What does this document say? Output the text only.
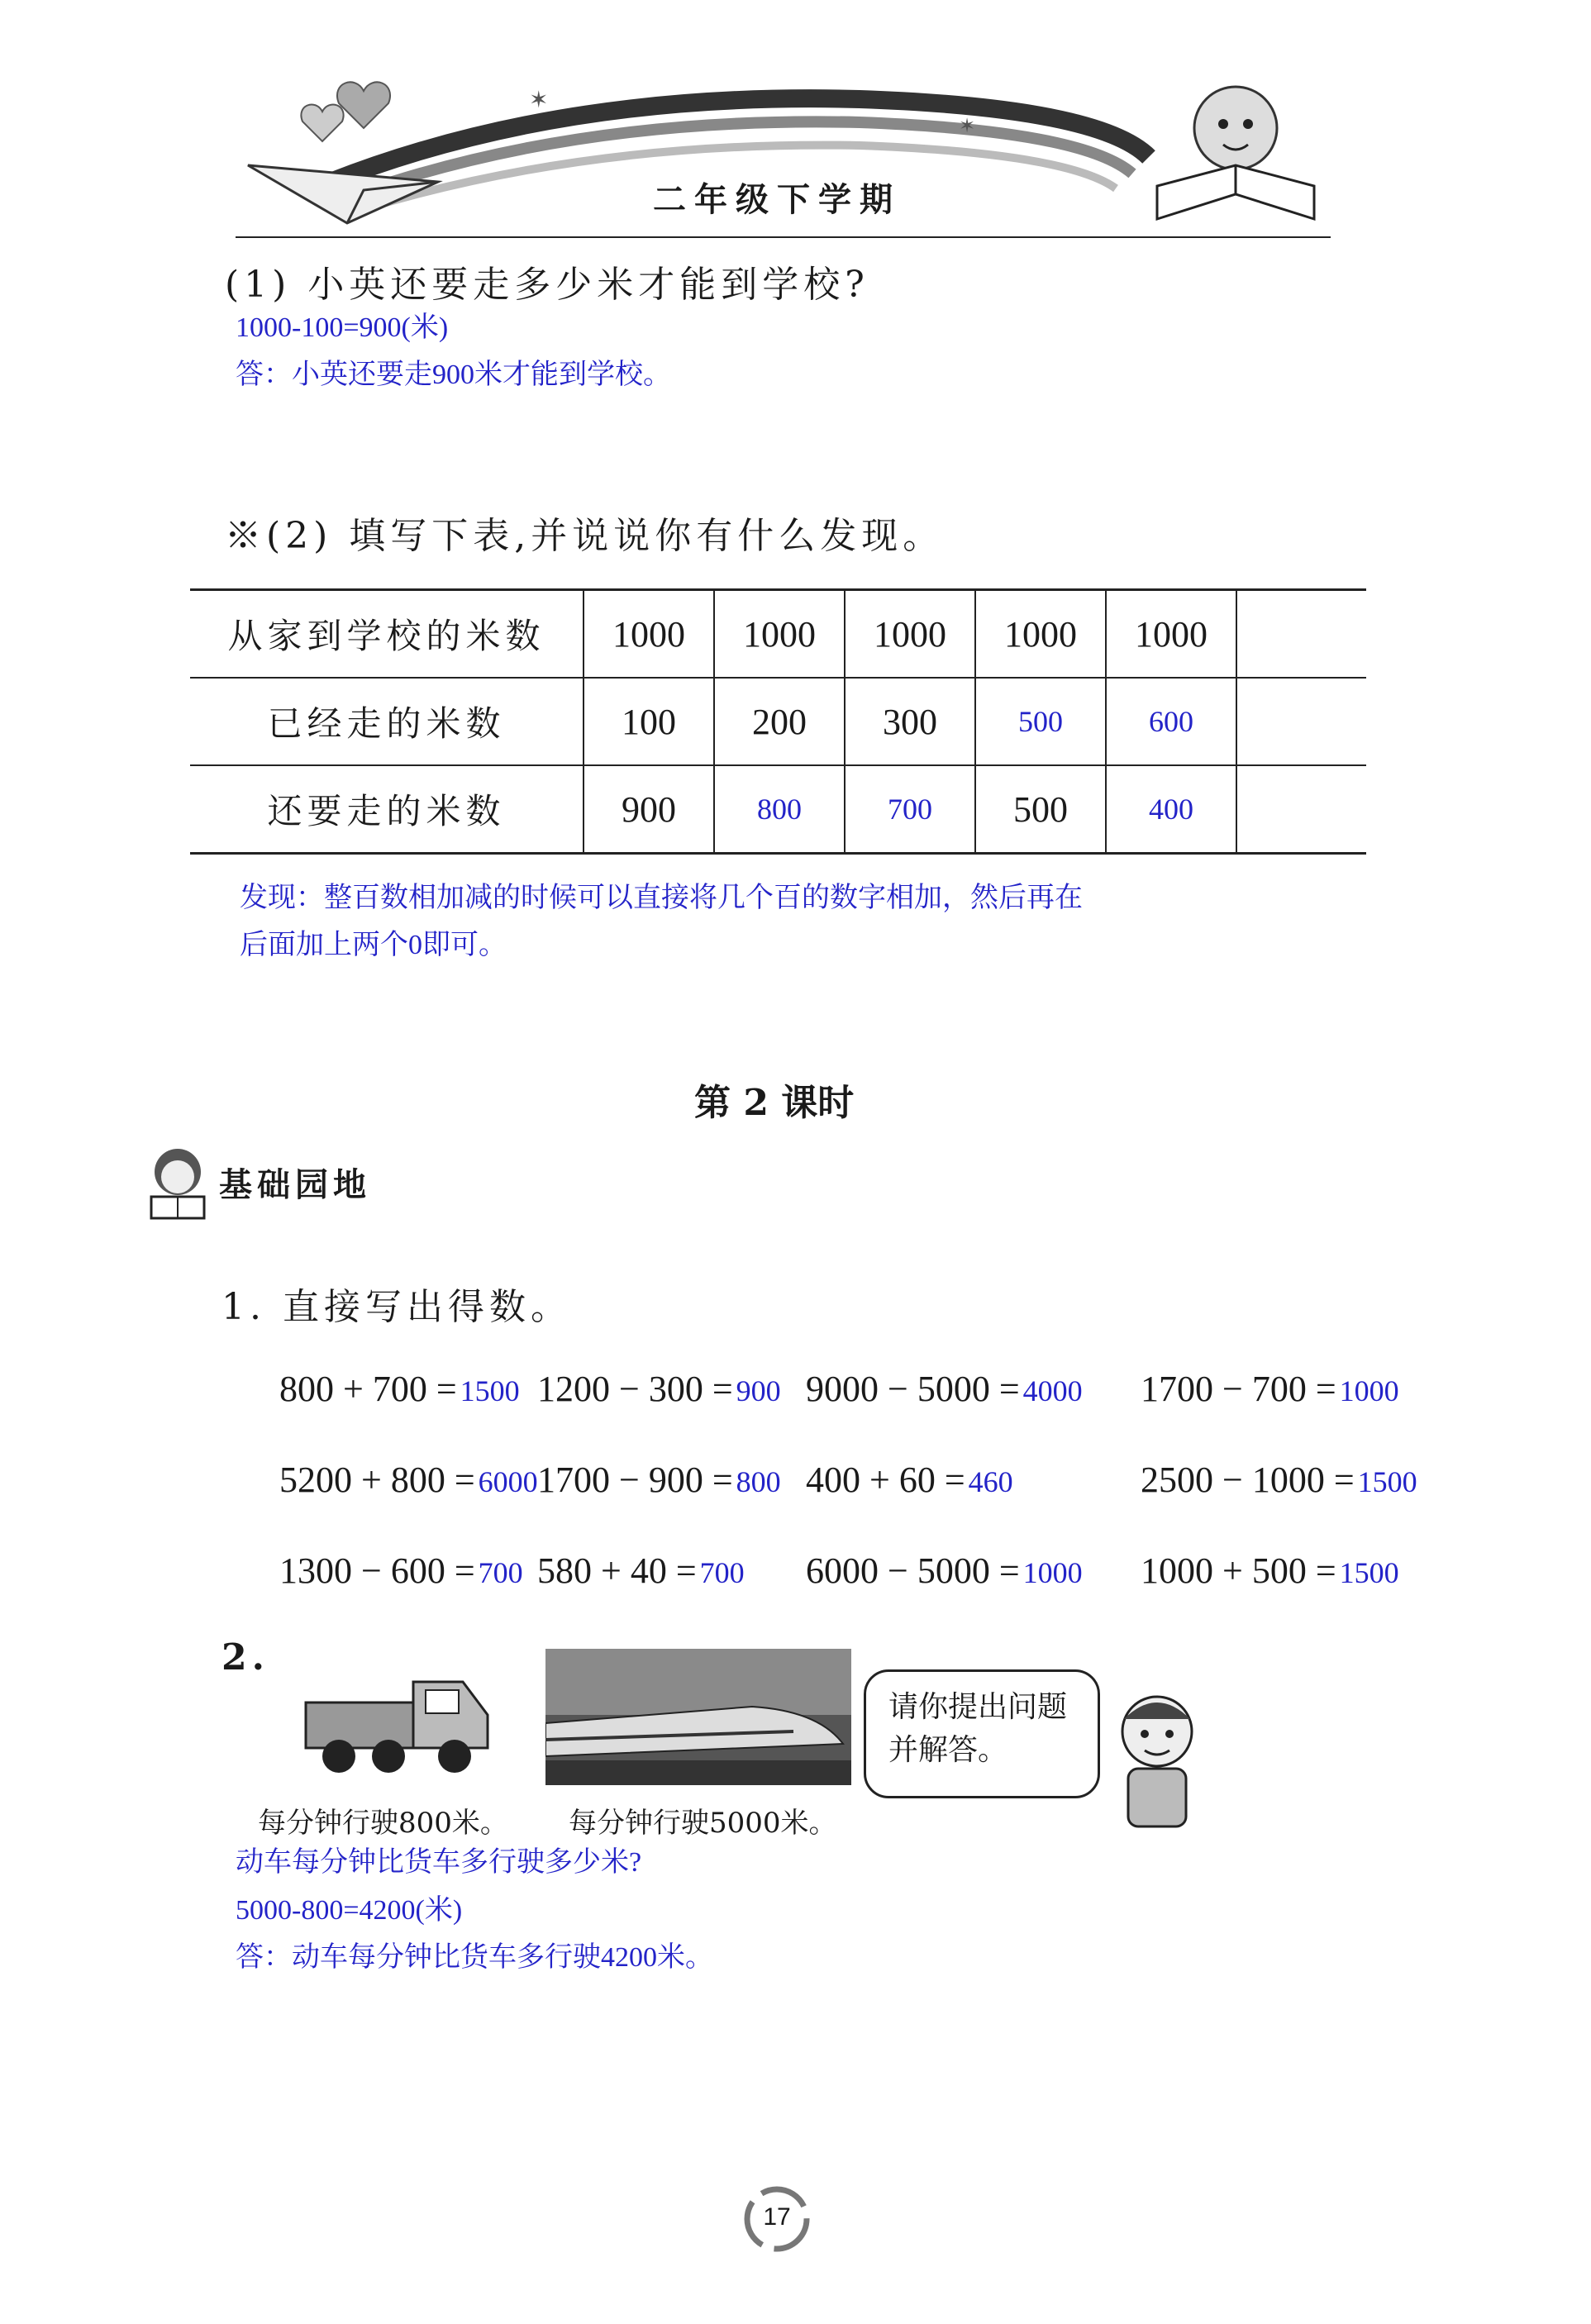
✶
✶
二年级下学期
(1) 小英还要走多少米才能到学校?
1000-100=900(米)
答：小英还要走900米才能到学校。
※(2) 填写下表,并说说你有什么发现。
从家到学校的米数	1000	1000	1000	1000	1000	
已经走的米数	100	200	300	500	600	
还要走的米数	900	800	700	500	400	
发现：整百数相加减的时候可以直接将几个百的数字相加，然后再在
后面加上两个0即可。
第 2 课时
基础园地
1. 直接写出得数。
800 + 700 = 1500 1200 − 300 = 900 9000 − 5000 = 4000 1700 − 700 = 1000
5200 + 800 = 6000 1700 − 900 = 800 400 + 60 = 460	2500 − 1000 = 1500
1300 − 600 = 700 580 + 40 = 700 6000 − 5000 = 1000 1000 + 500 = 1500
2.
请你提出问题
并解答。
每分钟行驶800米。 每分钟行驶5000米。
动车每分钟比货车多行驶多少米?
5000-800=4200(米)
答：动车每分钟比货车多行驶4200米。
17
